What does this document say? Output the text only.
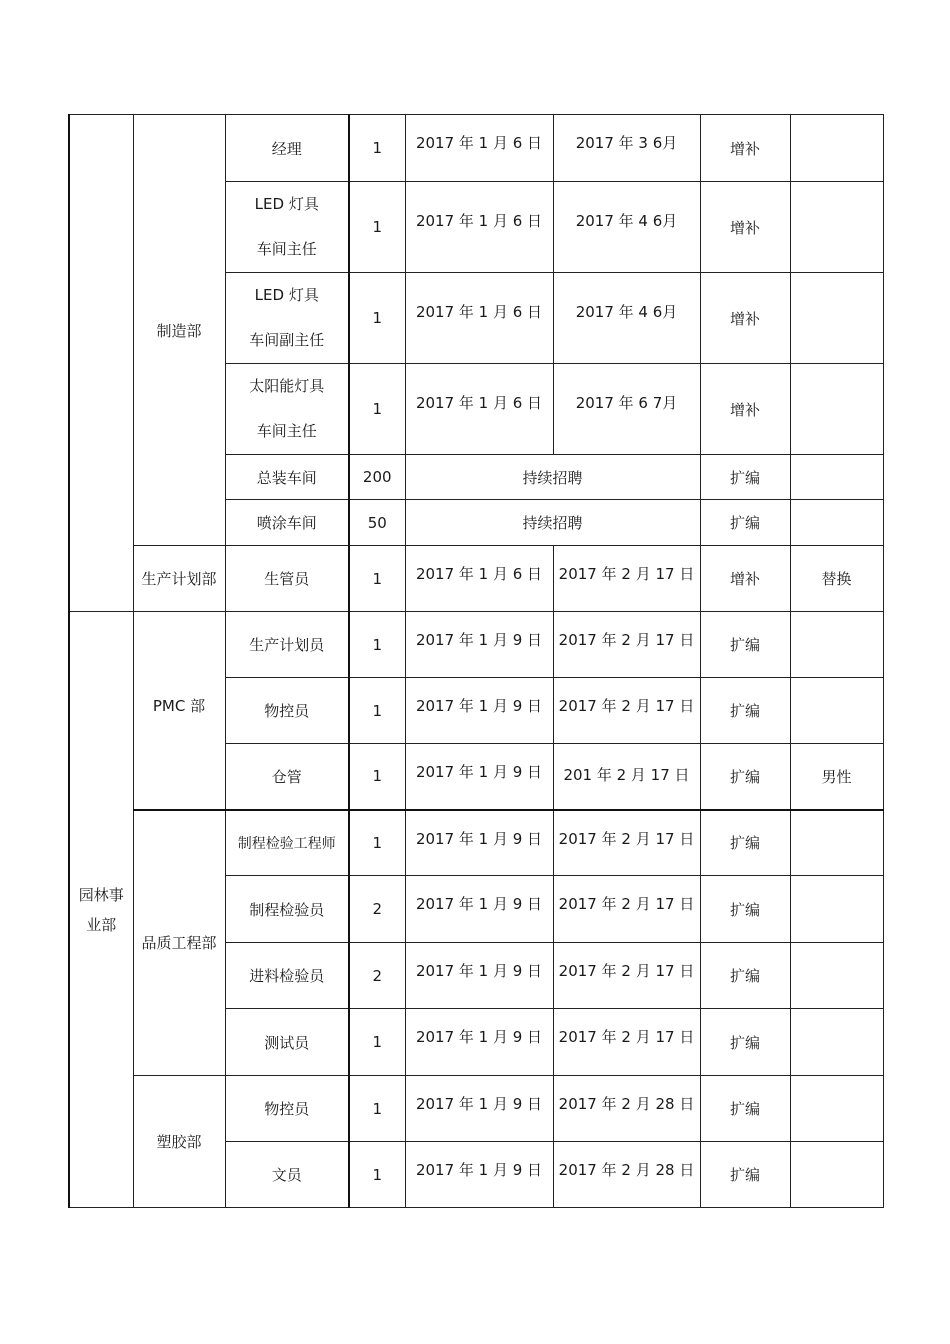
	制造部	经理	1	2017 年 1 月 6 日	2017 年 3 6月	增补	

		LED 灯具
车间主任	1	2017 年 1 月 6 日	2017 年 4 6月	增补	

		LED 灯具
车间副主任	1	2017 年 1 月 6 日	2017 年 4 6月	增补	

		太阳能灯具
车间主任	1	2017 年 1 月 6 日	2017 年 6 7月	增补	
		总装车间	200	持续招聘		扩编	
		喷涂车间	50	持续招聘		扩编	
	生产计划部	生管员	1	2017 年 1 月 6 日	2017 年 2 月 17 日	增补	替换
园林事
业部	PMC 部	生产计划员	1	2017 年 1 月 9 日	2017 年 2 月 17 日	扩编	
		物控员	1	2017 年 1 月 9 日	2017 年 2 月 17 日	扩编	
		仓管	1	2017 年 1 月 9 日	201 年 2 月 17 日	扩编	男性
	品质工程部	制程检验工程师	1	2017 年 1 月 9 日	2017 年 2 月 17 日	扩编	
		制程检验员	2	2017 年 1 月 9 日	2017 年 2 月 17 日	扩编	
		进料检验员	2	2017 年 1 月 9 日	2017 年 2 月 17 日	扩编	
		测试员	1	2017 年 1 月 9 日	2017 年 2 月 17 日	扩编	
	塑胶部	物控员	1	2017 年 1 月 9 日	2017 年 2 月 28 日	扩编	
		文员	1	2017 年 1 月 9 日	2017 年 2 月 28 日	扩编	
